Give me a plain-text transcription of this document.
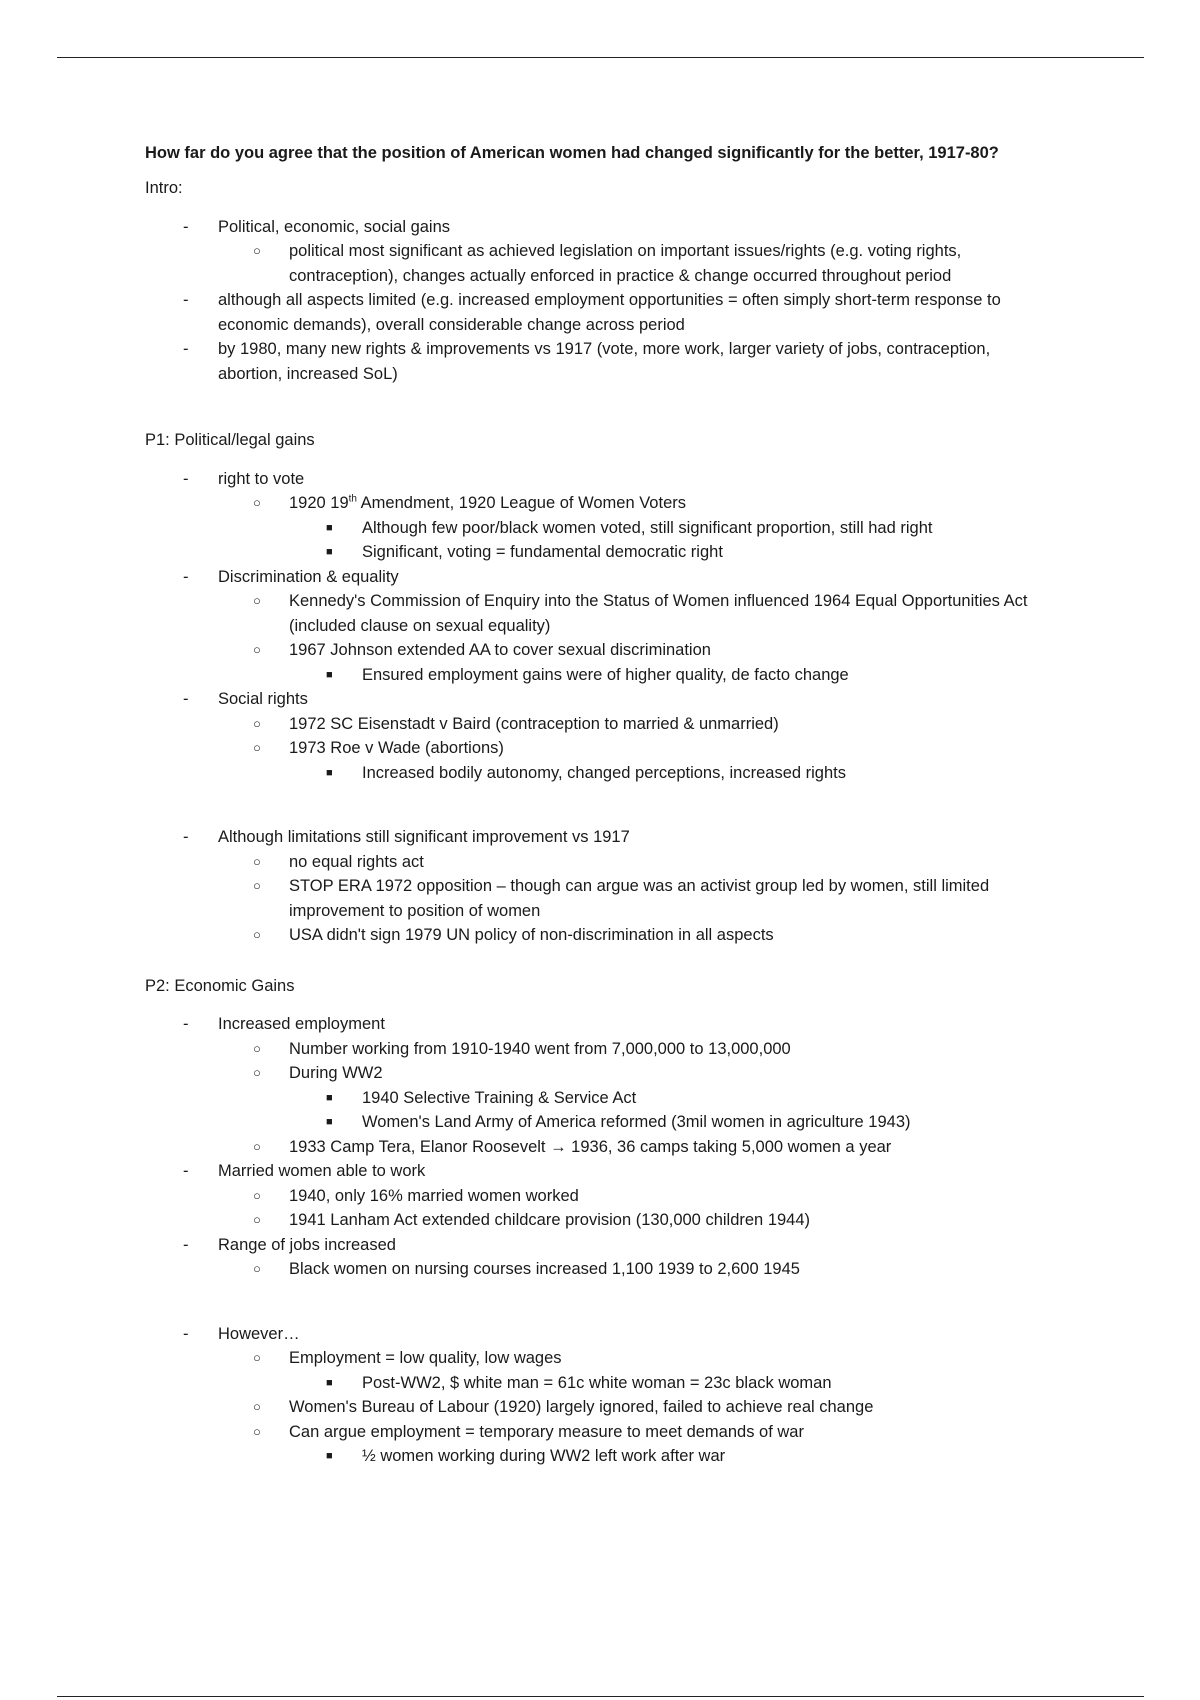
How far do you agree that the position of American women had changed significantly for the better, 1917-80?
Intro:
- Political, economic, social gains
○ political most significant as achieved legislation on important issues/rights (e.g. voting rights, contraception), changes actually enforced in practice & change occurred throughout period
- although all aspects limited (e.g. increased employment opportunities = often simply short-term response to economic demands), overall considerable change across period
- by 1980, many new rights & improvements vs 1917 (vote, more work, larger variety of jobs, contraception, abortion, increased SoL)
P1: Political/legal gains
- right to vote
○ 1920 19th Amendment, 1920 League of Women Voters
■ Although few poor/black women voted, still significant proportion, still had right
■ Significant, voting = fundamental democratic right
- Discrimination & equality
○ Kennedy's Commission of Enquiry into the Status of Women influenced 1964 Equal Opportunities Act (included clause on sexual equality)
○ 1967 Johnson extended AA to cover sexual discrimination
■ Ensured employment gains were of higher quality, de facto change
- Social rights
○ 1972 SC Eisenstadt v Baird (contraception to married & unmarried)
○ 1973 Roe v Wade (abortions)
■ Increased bodily autonomy, changed perceptions, increased rights
- Although limitations still significant improvement vs 1917
○ no equal rights act
○ STOP ERA 1972 opposition – though can argue was an activist group led by women, still limited improvement to position of women
○ USA didn't sign 1979 UN policy of non-discrimination in all aspects
P2: Economic Gains
- Increased employment
○ Number working from 1910-1940 went from 7,000,000 to 13,000,000
○ During WW2
■ 1940 Selective Training & Service Act
■ Women's Land Army of America reformed (3mil women in agriculture 1943)
○ 1933 Camp Tera, Elanor Roosevelt → 1936, 36 camps taking 5,000 women a year
- Married women able to work
○ 1940, only 16% married women worked
○ 1941 Lanham Act extended childcare provision (130,000 children 1944)
- Range of jobs increased
○ Black women on nursing courses increased 1,100 1939 to 2,600 1945
- However…
○ Employment = low quality, low wages
■ Post-WW2, $ white man = 61c white woman = 23c black woman
○ Women's Bureau of Labour (1920) largely ignored, failed to achieve real change
○ Can argue employment = temporary measure to meet demands of war
■ ½ women working during WW2 left work after war
